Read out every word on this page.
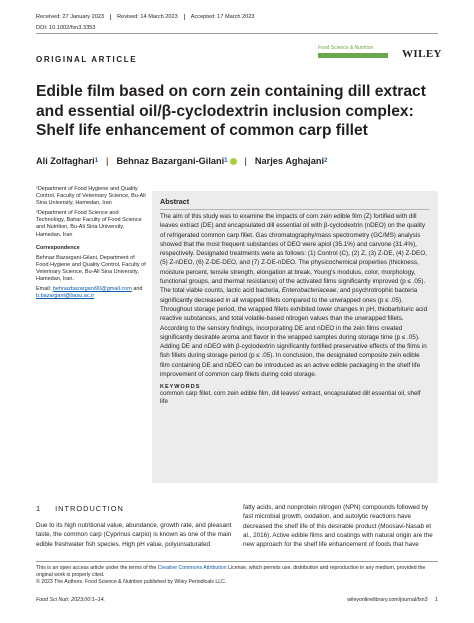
Received: 27 January 2023	Revised: 14 March 2023	Accepted: 17 March 2023
DOI: 10.1002/fsn3.3353
ORIGINAL ARTICLE
Food Science & Nutrition	WILEY
Edible film based on corn zein containing dill extract and essential oil/β-cyclodextrin inclusion complex: Shelf life enhancement of common carp fillet
Ali Zolfaghari 1 | Behnaz Bazargani-Gilani 1 | Narjes Aghajani 2

¹Department of Food Hygiene and Quality Control, Faculty of Veterinary Science, Bu-Ali Sina University, Hamedan, Iran

²Department of Food Science and Technology, Bahar Faculty of Food Science and Nutrition, Bu-Ali Sina University, Hamedan, Iran

Correspondence

Behnaz Bazargani-Gilani, Department of Food Hygiene and Quality Control, Faculty of Veterinary Science, Bu-Ali Sina University, Hamedan, Iran.

Email: behnazbazargani90@gmail.com and
b.bazargani@basu.ac.ir

Abstract

The aim of this study was to examine the impacts of corn zein edible film (Z) fortified with dill leaves extract (DE) and encapsulated dill essential oil with β-cyclodextrin (nDEO) on the quality of refrigerated common carp fillet. Gas chromatography/mass spectrometry (GC/MS) analysis showed that the most frequent substances of DEO were apiol (35.1%) and carvone (31.4%), respectively. Designated treatments were as follows: (1) Control (C), (2) Z, (3) Z-DE, (4) Z-DEO, (5) Z-nDEO, (6) Z-DE-DEO, and (7) Z-DE-nDEO. The physicochemical properties (thickness, moisture percent, tensile strength, elongation at break, Young's modulus, color, morphology, functional groups, and thermal resistance) of the activated films significantly improved (p ≤ .05). The total viable counts, lactic acid bacteria, Enterobacteriaceae, and psychrotrophic bacteria significantly decreased in all wrapped fillets compared to the unwrapped ones (p ≤ .05). Throughout storage period, the wrapped fillets exhibited lower changes in pH, thiobarbituric acid reactive substances, and total volatile-based nitrogen values than the unwrapped fillets. According to the sensory findings, incorporating DE and nDEO in the zein films created significantly desirable aroma and flavor in the wrapped samples during storage time (p ≤ .05). Adding DE and nDEO with β-cyclodextrin significantly fortified preservative effects of the films in fish fillets during storage period (p ≤ .05). In conclusion, the designated composite zein edible film containing DE and nDEO can be introduced as an active edible packaging in the shelf life improvement of common carp fillets during cold storage.

KEYWORDS
common carp fillet, corn zein edible film, dill leaves' extract, encapsulated dill essential oil, shelf life
1 INTRODUCTION

Due to its high nutritional value, abundance, growth rate, and pleasant taste, the common carp (Cyprinus carpio) is known as one of the main edible freshwater fish species. High pH value, polyunsaturated

fatty acids, and nonprotein nitrogen (NPN) compounds followed by fast microbial growth, oxidation, and autolytic reactions have decreased the shelf life of this desirable product (Moosavi-Nasab et al., 2016). Active edible films and coatings with natural origin are the new approach for the shelf life enhancement of foods that have

This is an open access article under the terms of the Creative Commons Attribution License, which permits use, distribution and reproduction in any medium, provided the original work is properly cited.
© 2023 The Authors. Food Science & Nutrition published by Wiley Periodicals LLC.
Food Sci Nutr. 2023;00:1–14.	wileyonlinelibrary.com/journal/fsn3 1
